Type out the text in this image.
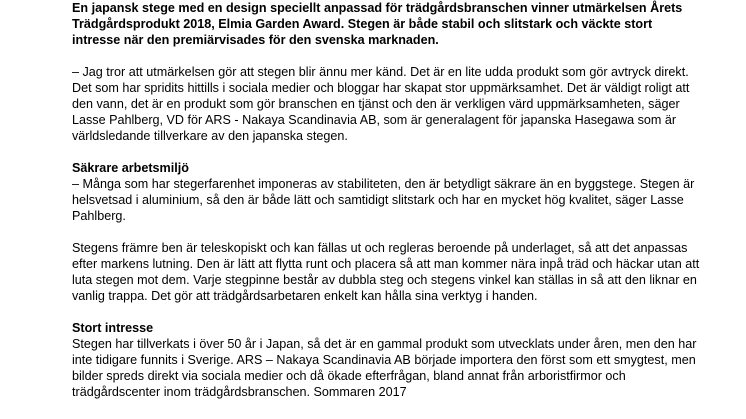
En japansk stege med en design speciellt anpassad för trädgårdsbranschen vinner utmärkelsen Årets Trädgårdsprodukt 2018, Elmia Garden Award. Stegen är både stabil och slitstark och väckte stort intresse när den premiärvisades för den svenska marknaden.

– Jag tror att utmärkelsen gör att stegen blir ännu mer känd. Det är en lite udda produkt som gör avtryck direkt. Det som har spridits hittills i sociala medier och bloggar har skapat stor uppmärksamhet. Det är väldigt roligt att den vann, det är en produkt som gör branschen en tjänst och den är verkligen värd uppmärksamheten, säger Lasse Pahlberg, VD för ARS - Nakaya Scandinavia AB, som är generalagent för japanska Hasegawa som är världsledande tillverkare av den japanska stegen.

Säkrare arbetsmiljö

– Många som har stegerfarenhet imponeras av stabiliteten, den är betydligt säkrare än en byggstege. Stegen är helsvetsad i aluminium, så den är både lätt och samtidigt slitstark och har en mycket hög kvalitet, säger Lasse Pahlberg.

Stegens främre ben är teleskopiskt och kan fällas ut och regleras beroende på underlaget, så att det anpassas efter markens lutning. Den är lätt att flytta runt och placera så att man kommer nära inpå träd och häckar utan att luta stegen mot dem. Varje stegpinne består av dubbla steg och stegens vinkel kan ställas in så att den liknar en vanlig trappa. Det gör att trädgårdsarbetaren enkelt kan hålla sina verktyg i handen.

Stort intresse

Stegen har tillverkats i över 50 år i Japan, så det är en gammal produkt som utvecklats under åren, men den har inte tidigare funnits i Sverige. ARS – Nakaya Scandinavia AB började importera den först som ett smygtest, men bilder spreds direkt via sociala medier och då ökade efterfrågan, bland annat från arboristfirmor och trädgårdscenter inom trädgårdsbranschen. Sommaren 2017
